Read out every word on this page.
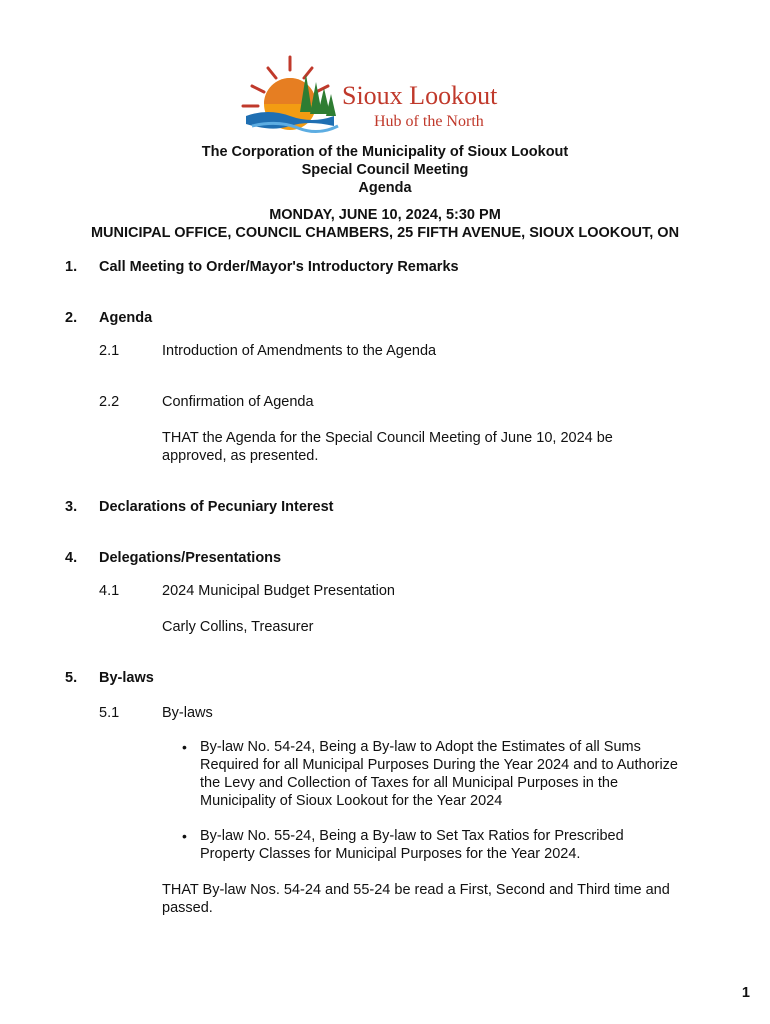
Sioux Lookout
Hub of the North
The Corporation of the Municipality of Sioux Lookout
Special Council Meeting
Agenda
MONDAY, JUNE 10, 2024, 5:30 PM
MUNICIPAL OFFICE, COUNCIL CHAMBERS, 25 FIFTH AVENUE, SIOUX LOOKOUT, ON
1. Call Meeting to Order/Mayor's Introductory Remarks
2. Agenda
2.1	Introduction of Amendments to the Agenda
2.2	Confirmation of Agenda
THAT the Agenda for the Special Council Meeting of June 10, 2024 be approved, as presented.
3. Declarations of Pecuniary Interest
4. Delegations/Presentations
4.1	2024 Municipal Budget Presentation
Carly Collins, Treasurer
5. By-laws
5.1	By-laws
• By-law No. 54-24, Being a By-law to Adopt the Estimates of all Sums Required for all Municipal Purposes During the Year 2024 and to Authorize the Levy and Collection of Taxes for all Municipal Purposes in the Municipality of Sioux Lookout for the Year 2024
• By-law No. 55-24, Being a By-law to Set Tax Ratios for Prescribed Property Classes for Municipal Purposes for the Year 2024.
THAT By-law Nos. 54-24 and 55-24 be read a First, Second and Third time and passed.
1
